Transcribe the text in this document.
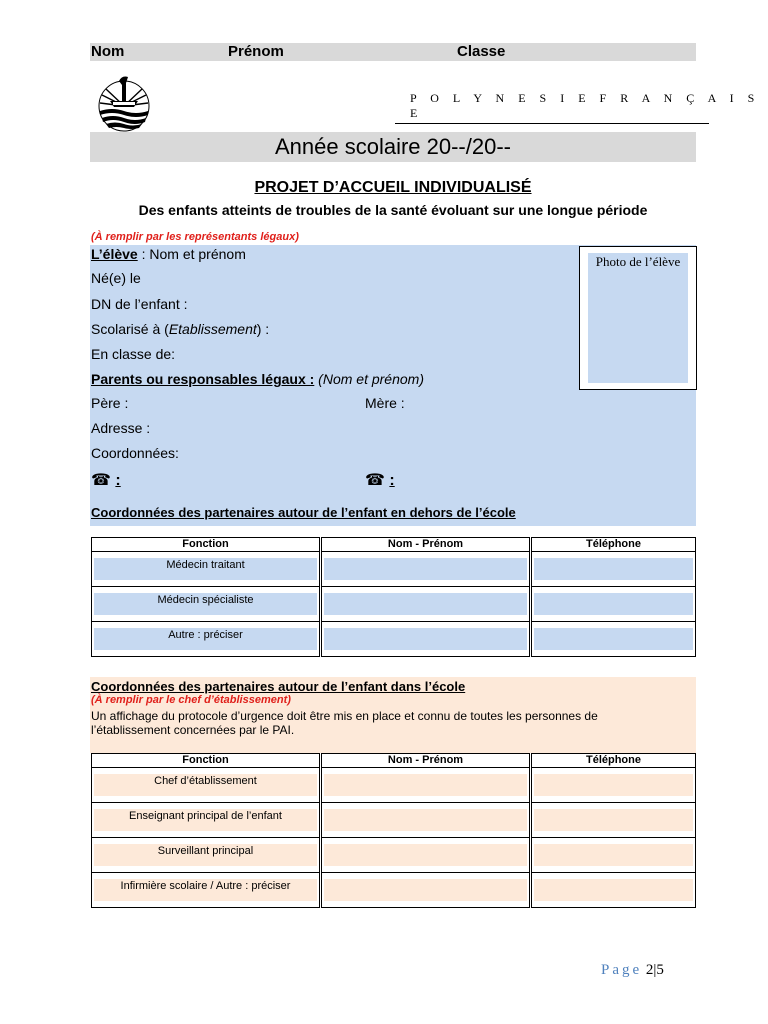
Nom	Prénom	Classe
P O L Y N E S I E F R A N Ç A I S E
Année scolaire 20--/20--
PROJET D’ACCUEIL INDIVIDUALISÉ
Des enfants atteints de troubles de la santé évoluant sur une longue période
(À remplir par les représentants légaux)
L’élève : Nom et prénom
Né(e) le
DN de l’enfant :
Scolarisé à (Etablissement) :
En classe de:
Parents ou responsables légaux : (Nom et prénom)
Père :	Mère :
Adresse :
Coordonnées:
☎ :	☎ :
Coordonnées des partenaires autour de l’enfant en dehors de l’école
Photo de l’élève
Fonction	Nom - Prénom	Téléphone

Médecin traitant		

Médecin spécialiste		

Autre : préciser		

Coordonnées des partenaires autour de l’enfant dans l’école
(À remplir par le chef d’établissement)
Un affichage du protocole d’urgence doit être mis en place et connu de toutes les personnes de
l’établissement concernées par le PAI.
Fonction	Nom - Prénom	Téléphone

Chef d’établissement		

Enseignant principal de l’enfant		

Surveillant principal		

Infirmière scolaire / Autre : préciser		

Page 2|5
